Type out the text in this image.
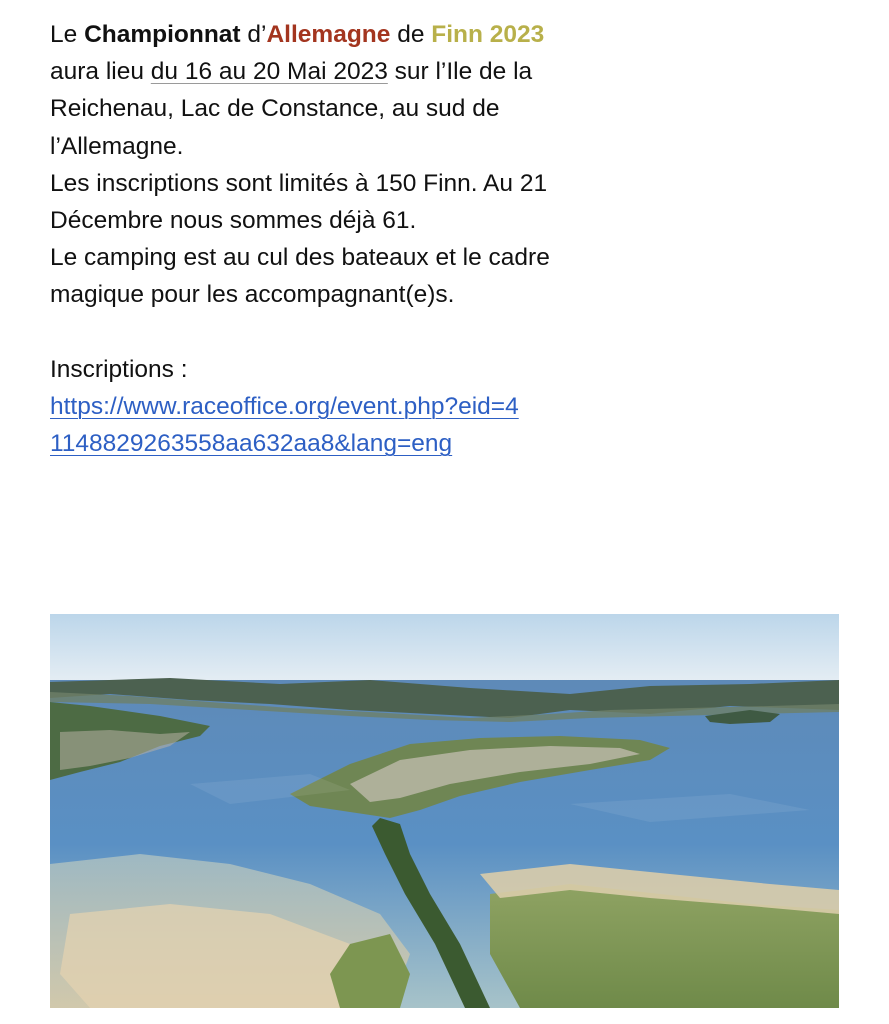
Le Championnat d’Allemagne de Finn 2023 aura lieu du 16 au 20 Mai 2023 sur l’Ile de la Reichenau, Lac de Constance, au sud de l’Allemagne.
Les inscriptions sont limités à 150 Finn. Au 21 Décembre nous sommes déjà 61.
Le camping est au cul des bateaux et le cadre magique pour les accompagnant(e)s.

Inscriptions :
https://www.raceoffice.org/event.php?eid=41148829263558aa632aa8&lang=eng
